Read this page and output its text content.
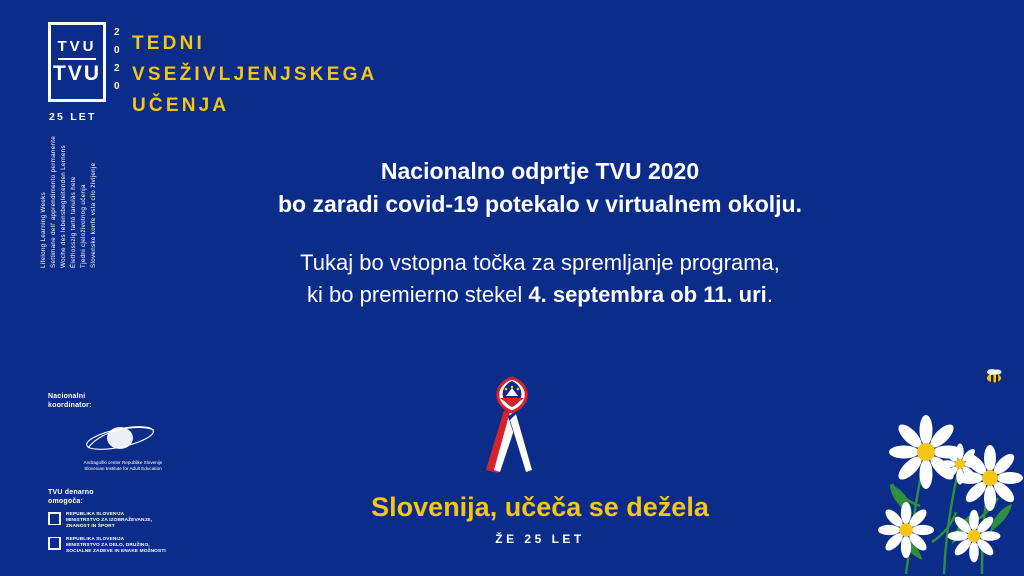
TVU
TVU
2
0
2
0
25 LET
Lifelong Learning Weeks Settimane dell' apprendimento permanente Woche des lebensbegleitenden Lernens Élethosszig tartó tanulás hete Tjedni cjeloživotnog učenja Slovenske konfe vsta cilo življenje
TEDNI
VSEŽIVLJENJSKEGA
UČENJA
Nacionalno odprtje TVU 2020
bo zaradi covid-19 potekalo v virtualnem okolju.
Tukaj bo vstopna točka za spremljanje programa,
ki bo premierno stekel 4. septembra ob 11. uri.
Slovenija, učeča se dežela
ŽE 25 LET
Nacionalni
koordinator:
Andragoški center Republike Slovenije
Slovenian Institute for Adult Education
TVU denarno
omogoča:
REPUBLIKA SLOVENIJA
MINISTRSTVO ZA IZOBRAŽEVANJE,
ZNANOST IN ŠPORT
REPUBLIKA SLOVENIJA
MINISTRSTVO ZA DELO, DRUŽINO,
SOCIALNE ZADEVE IN ENAKE MOŽNOSTI
